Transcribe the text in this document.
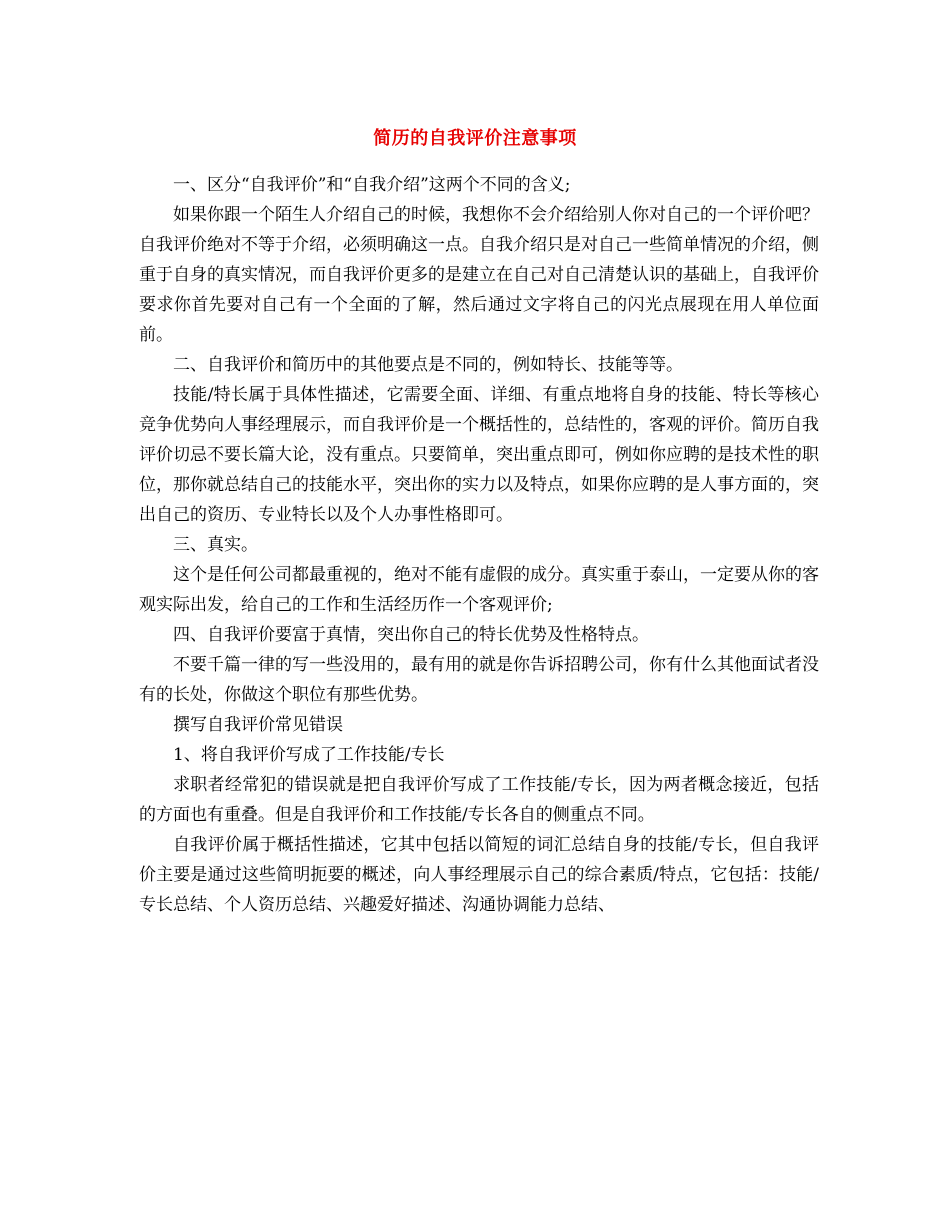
简历的自我评价注意事项

一、区分“自我评价”和“自我介绍”这两个不同的含义;

如果你跟一个陌生人介绍自己的时候，我想你不会介绍给别人你对自己的一个评价吧？自我评价绝对不等于介绍，必须明确这一点。自我介绍只是对自己一些简单情况的介绍，侧重于自身的真实情况，而自我评价更多的是建立在自己对自己清楚认识的基础上，自我评价要求你首先要对自己有一个全面的了解，然后通过文字将自己的闪光点展现在用人单位面前。

二、自我评价和简历中的其他要点是不同的，例如特长、技能等等。

技能/特长属于具体性描述，它需要全面、详细、有重点地将自身的技能、特长等核心竞争优势向人事经理展示，而自我评价是一个概括性的，总结性的，客观的评价。简历自我评价切忌不要长篇大论，没有重点。只要简单，突出重点即可，例如你应聘的是技术性的职位，那你就总结自己的技能水平，突出你的实力以及特点，如果你应聘的是人事方面的，突出自己的资历、专业特长以及个人办事性格即可。

三、真实。

这个是任何公司都最重视的，绝对不能有虚假的成分。真实重于泰山，一定要从你的客观实际出发，给自己的工作和生活经历作一个客观评价;

四、自我评价要富于真情，突出你自己的特长优势及性格特点。

不要千篇一律的写一些没用的，最有用的就是你告诉招聘公司，你有什么其他面试者没有的长处，你做这个职位有那些优势。

撰写自我评价常见错误

1、将自我评价写成了工作技能/专长

求职者经常犯的错误就是把自我评价写成了工作技能/专长，因为两者概念接近，包括的方面也有重叠。但是自我评价和工作技能/专长各自的侧重点不同。

自我评价属于概括性描述，它其中包括以简短的词汇总结自身的技能/专长，但自我评价主要是通过这些简明扼要的概述，向人事经理展示自己的综合素质/特点，它包括：技能/专长总结、个人资历总结、兴趣爱好描述、沟通协调能力总结、
